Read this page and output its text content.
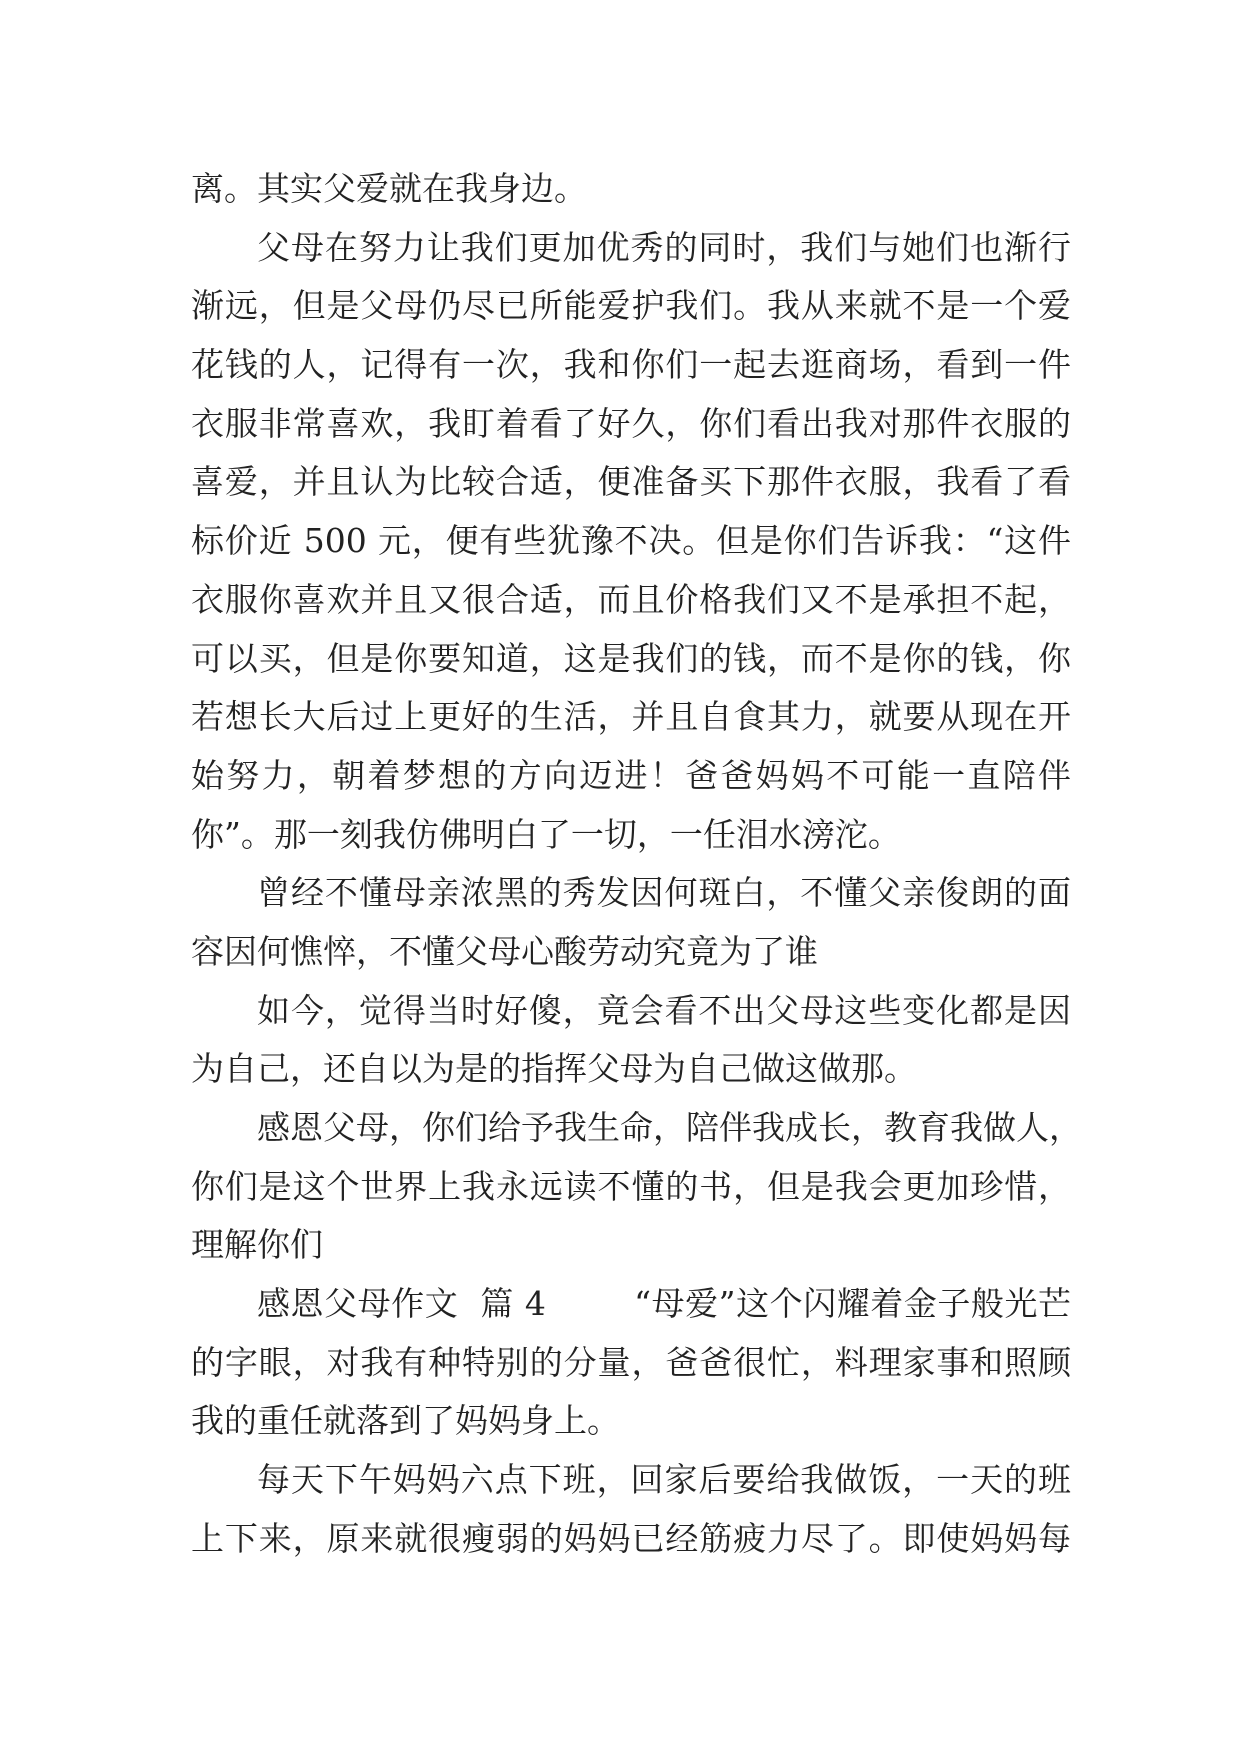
离。其实父爱就在我身边。
父母在努力让我们更加优秀的同时，我们与她们也渐行
渐远，但是父母仍尽已所能爱护我们。我从来就不是一个爱
花钱的人，记得有一次，我和你们一起去逛商场，看到一件
衣服非常喜欢，我盯着看了好久，你们看出我对那件衣服的
喜爱，并且认为比较合适，便准备买下那件衣服，我看了看
标价近 500 元，便有些犹豫不决。但是你们告诉我：“这件
衣服你喜欢并且又很合适，而且价格我们又不是承担不起，
可以买，但是你要知道，这是我们的钱，而不是你的钱，你
若想长大后过上更好的生活，并且自食其力，就要从现在开
始努力，朝着梦想的方向迈进！爸爸妈妈不可能一直陪伴
你”。那一刻我仿佛明白了一切，一任泪水滂沱。
曾经不懂母亲浓黑的秀发因何斑白，不懂父亲俊朗的面
容因何憔悴，不懂父母心酸劳动究竟为了谁
如今，觉得当时好傻，竟会看不出父母这些变化都是因
为自己，还自以为是的指挥父母为自己做这做那。
感恩父母，你们给予我生命，陪伴我成长，教育我做人，
你们是这个世界上我永远读不懂的书，但是我会更加珍惜，
理解你们
感恩父母作文  篇 4        “母爱”这个闪耀着金子般光芒
的字眼，对我有种特别的分量，爸爸很忙，料理家事和照顾
我的重任就落到了妈妈身上。
每天下午妈妈六点下班，回家后要给我做饭，一天的班
上下来，原来就很瘦弱的妈妈已经筋疲力尽了。即使妈妈每
